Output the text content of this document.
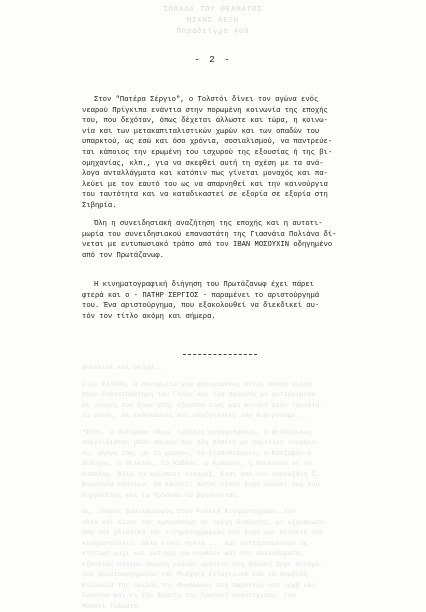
ΣΟΜΑΔΑ ΤΟΥ ΘΕΑΜΑΤΟΣ
ΜΙΚΗΣ ΛΕΞΗ
Παράδειγμα 400
- 2 -
Στον "Πατέρα Σέργιο", ο Τολστόι δίνει τον αγώνα ενός
νεαρού Πρίγκιπα ενάντια στην πορωμένη κοινωνία της εποχής
του, που δεχόταν, όπως δέχεται άλλωστε και τώρα, η κοινω-
νία και των μετακαπιταλιστικών χωρών και των οπαδών του
υπαρκτού, ως εσώ και όσο χρόνια, σοσιαλισμού, να παντρεύε-
ται κάποιος την ερωμένη του ισχυρού της εξουσίας ή της βι-
ομηχανίας, κλπ., για να σκεφθεί αυτή τη σχέση με τα ανά-
λογα ανταλλάγματα και κατόπιν πως γίνεται μοναχός και πα-
λεύει με τον εαυτό του ως να απαρνηθεί και την καινούργια
του ταυτότητα και να καταδικαστεί σε εξορία σε εξορία στη
Σιβηρία.
Όλη η συνειδησιακή αναζήτηση της εποχής και η αυτοτι-
μωρία του συνειδησιακού επαναστάτη της Γιασνάια Πολιάνα δί-
νεται με εντυπωσιακό τρόπο από τον ΙΒΑΝ ΜΟΣΟΥΧΙΝ οδηγημένο
από τον Πρωτάζανωφ.
Η κινηματογραφική διήγηση του Πρωτάζανωφ έχει πάρει
φτερά και ο - ΠΑΤΗΡ ΣΕΡΓΙΟΣ - παραμένει το αριστούργημά
του. Ένα αριστούργημα, που εξακολουθεί να διεκδικεί αυ-
τόν τον τίτλο ακόμη και σήμερα.
φαίνεται και ακόμα...
Στην Ελλάδα, η συνομιλία για φόρεμαμένος είναι οποία κοινό
στην Εναντιοθέτηση του Γκούι και ένα πρόσωπο με αντικειμένο
σε νεαρές που ζουν στην εξουσία τους και κινητό στην ταυτότη-
τα αυτής, σε εκδηλώσεις και αναζητήσεις του Κυβερνούμε...
"Έτσι, ο Πατέρσων σέρα, τάληλος καταγράφεσαι, ο φιλόζουλος
παιγνιδιστής μέσο σαρκών που ήδη βάσεις με ποικίλες ενέργει-
ες, αλόγω του, με το μάρσον, το Εξαποδιέρεις, η Κάτζαβου ο
Διδάχος, ο Θελκτός, το Κάδδας, ο Κύπερος, η Βουλιάδα οι τα
Καπόλεμ. Άλλο τα καλύπτει ελληνοί, Έτσι από τον οποιοζήτη Σ.
Καναδάδα κάποιον, να ελαστι, Αυτός είναι ένας ακούει σαν του
Πυργατίδης και τα πρόσωπα τα βρίσκονται.
Ως, τόσφος βασιλόμορφος στον Ρωσικό Κινηματογράφο, που
αλλά και είναι της εμπροσθίας σε τεύχη διάδοσης, με εξανθρώπι-
σθη την χλιόσικα της κινηματογραφίας και ένας και Κούπειο του
κινηματοτύλις, άλλη είναι πολλά ... και αντιπροσώπευαν σε
κτητικά μαξί και ευτυχώς μα νιώθουν και στο ανεικόσματος
εξουσίας αλόγου σαρμπή μιλούν αρόσεις στη βάσωση Σογε πνεύμα-
των αριστουργημάτων επί Μισχαηλ Ενδαγερικό και τα συμβολη
Κοινωνία της σειράς της Μακόλανος στα παρόντων από οργά και
Σαιάτου και κι την Έμμετα της Πρωτοκί Λογοτεχνίας, του
Μουσεί Τολυστό.
